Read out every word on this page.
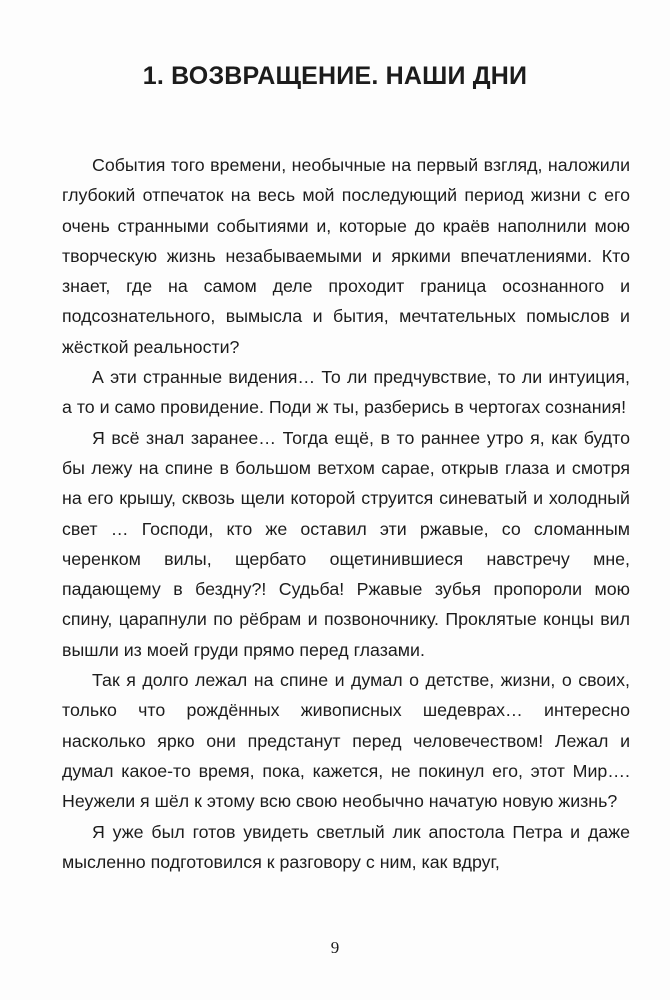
1. ВОЗВРАЩЕНИЕ. НАШИ ДНИ

События того времени, необычные на первый взгляд, наложили глубокий отпечаток на весь мой последующий период жизни с его очень странными событиями и, которые до краёв наполнили мою творческую жизнь незабываемыми и яркими впечатлениями. Кто знает, где на самом деле проходит граница осознанного и подсознательного, вымысла и бытия, мечтательных помыслов и жёсткой реальности?

А эти странные видения… То ли предчувствие, то ли интуиция, а то и само провидение. Поди ж ты, разберись в чертогах сознания!

Я всё знал заранее… Тогда ещё, в то раннее утро я, как будто бы лежу на спине в большом ветхом сарае, открыв глаза и смотря на его крышу, сквозь щели которой струится синеватый и холодный свет … Господи, кто же оставил эти ржавые, со сломанным черенком вилы, щербато ощетинившиеся навстречу мне, падающему в бездну?! Судьба! Ржавые зубья пропороли мою спину, царапнули по рёбрам и позвоночнику. Проклятые концы вил вышли из моей груди прямо перед глазами.

Так я долго лежал на спине и думал о детстве, жизни, о своих, только что рождённых живописных шедеврах… интересно насколько ярко они предстанут перед человечеством! Лежал и думал какое-то время, пока, кажется, не покинул его, этот Мир…. Неужели я шёл к этому всю свою необычно начатую новую жизнь?

Я уже был готов увидеть светлый лик апостола Петра и даже мысленно подготовился к разговору с ним, как вдруг,

9
